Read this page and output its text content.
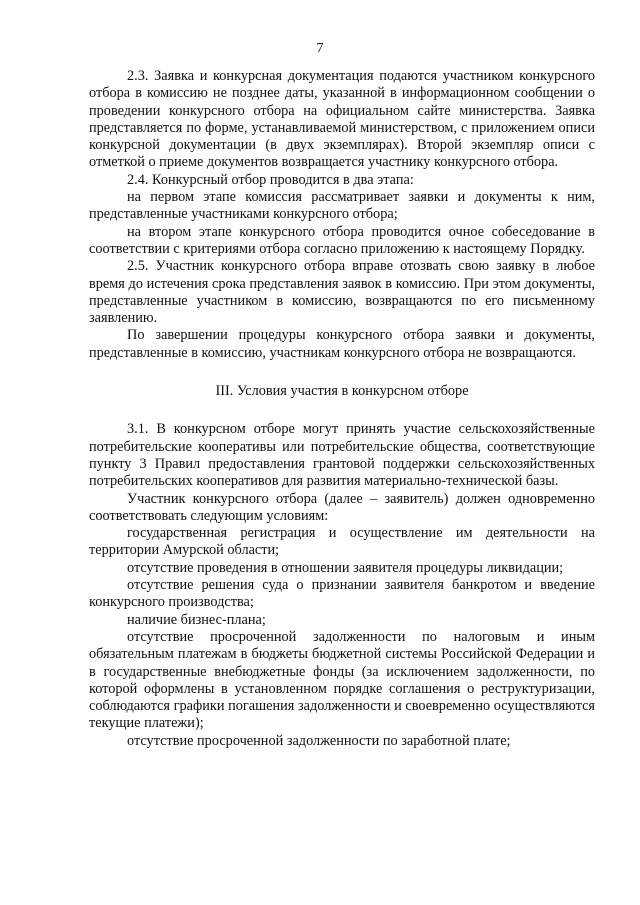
7

2.3. Заявка и конкурсная документация подаются участником конкурсного отбора в комиссию не позднее даты, указанной в информационном сообщении о проведении конкурсного отбора на официальном сайте министерства. Заявка представляется по форме, устанавливаемой министерством, с приложением описи конкурсной документации (в двух экземплярах). Второй экземпляр описи с отметкой о приеме документов возвращается участнику конкурсного отбора.

2.4. Конкурсный отбор проводится в два этапа:

на первом этапе комиссия рассматривает заявки и документы к ним, представленные участниками конкурсного отбора;

на втором этапе конкурсного отбора проводится очное собеседование в соответствии с критериями отбора согласно приложению к настоящему Порядку.

2.5. Участник конкурсного отбора вправе отозвать свою заявку в любое время до истечения срока представления заявок в комиссию. При этом документы, представленные участником в комиссию, возвращаются по его письменному заявлению.

По завершении процедуры конкурсного отбора заявки и документы, представленные в комиссию, участникам конкурсного отбора не возвращаются.

III. Условия участия в конкурсном отборе

3.1. В конкурсном отборе могут принять участие сельскохозяйственные потребительские кооперативы или потребительские общества, соответствующие пункту 3 Правил предоставления грантовой поддержки сельскохозяйственных потребительских кооперативов для развития материально-технической базы.

Участник конкурсного отбора (далее – заявитель) должен одновременно соответствовать следующим условиям:

государственная регистрация и осуществление им деятельности на территории Амурской области;

отсутствие проведения в отношении заявителя процедуры ликвидации;

отсутствие решения суда о признании заявителя банкротом и введение конкурсного производства;

наличие бизнес-плана;

отсутствие просроченной задолженности по налоговым и иным обязательным платежам в бюджеты бюджетной системы Российской Федерации и в государственные внебюджетные фонды (за исключением задолженности, по которой оформлены в установленном порядке соглашения о реструктуризации, соблюдаются графики погашения задолженности и своевременно осуществляются текущие платежи);

отсутствие просроченной задолженности по заработной плате;
